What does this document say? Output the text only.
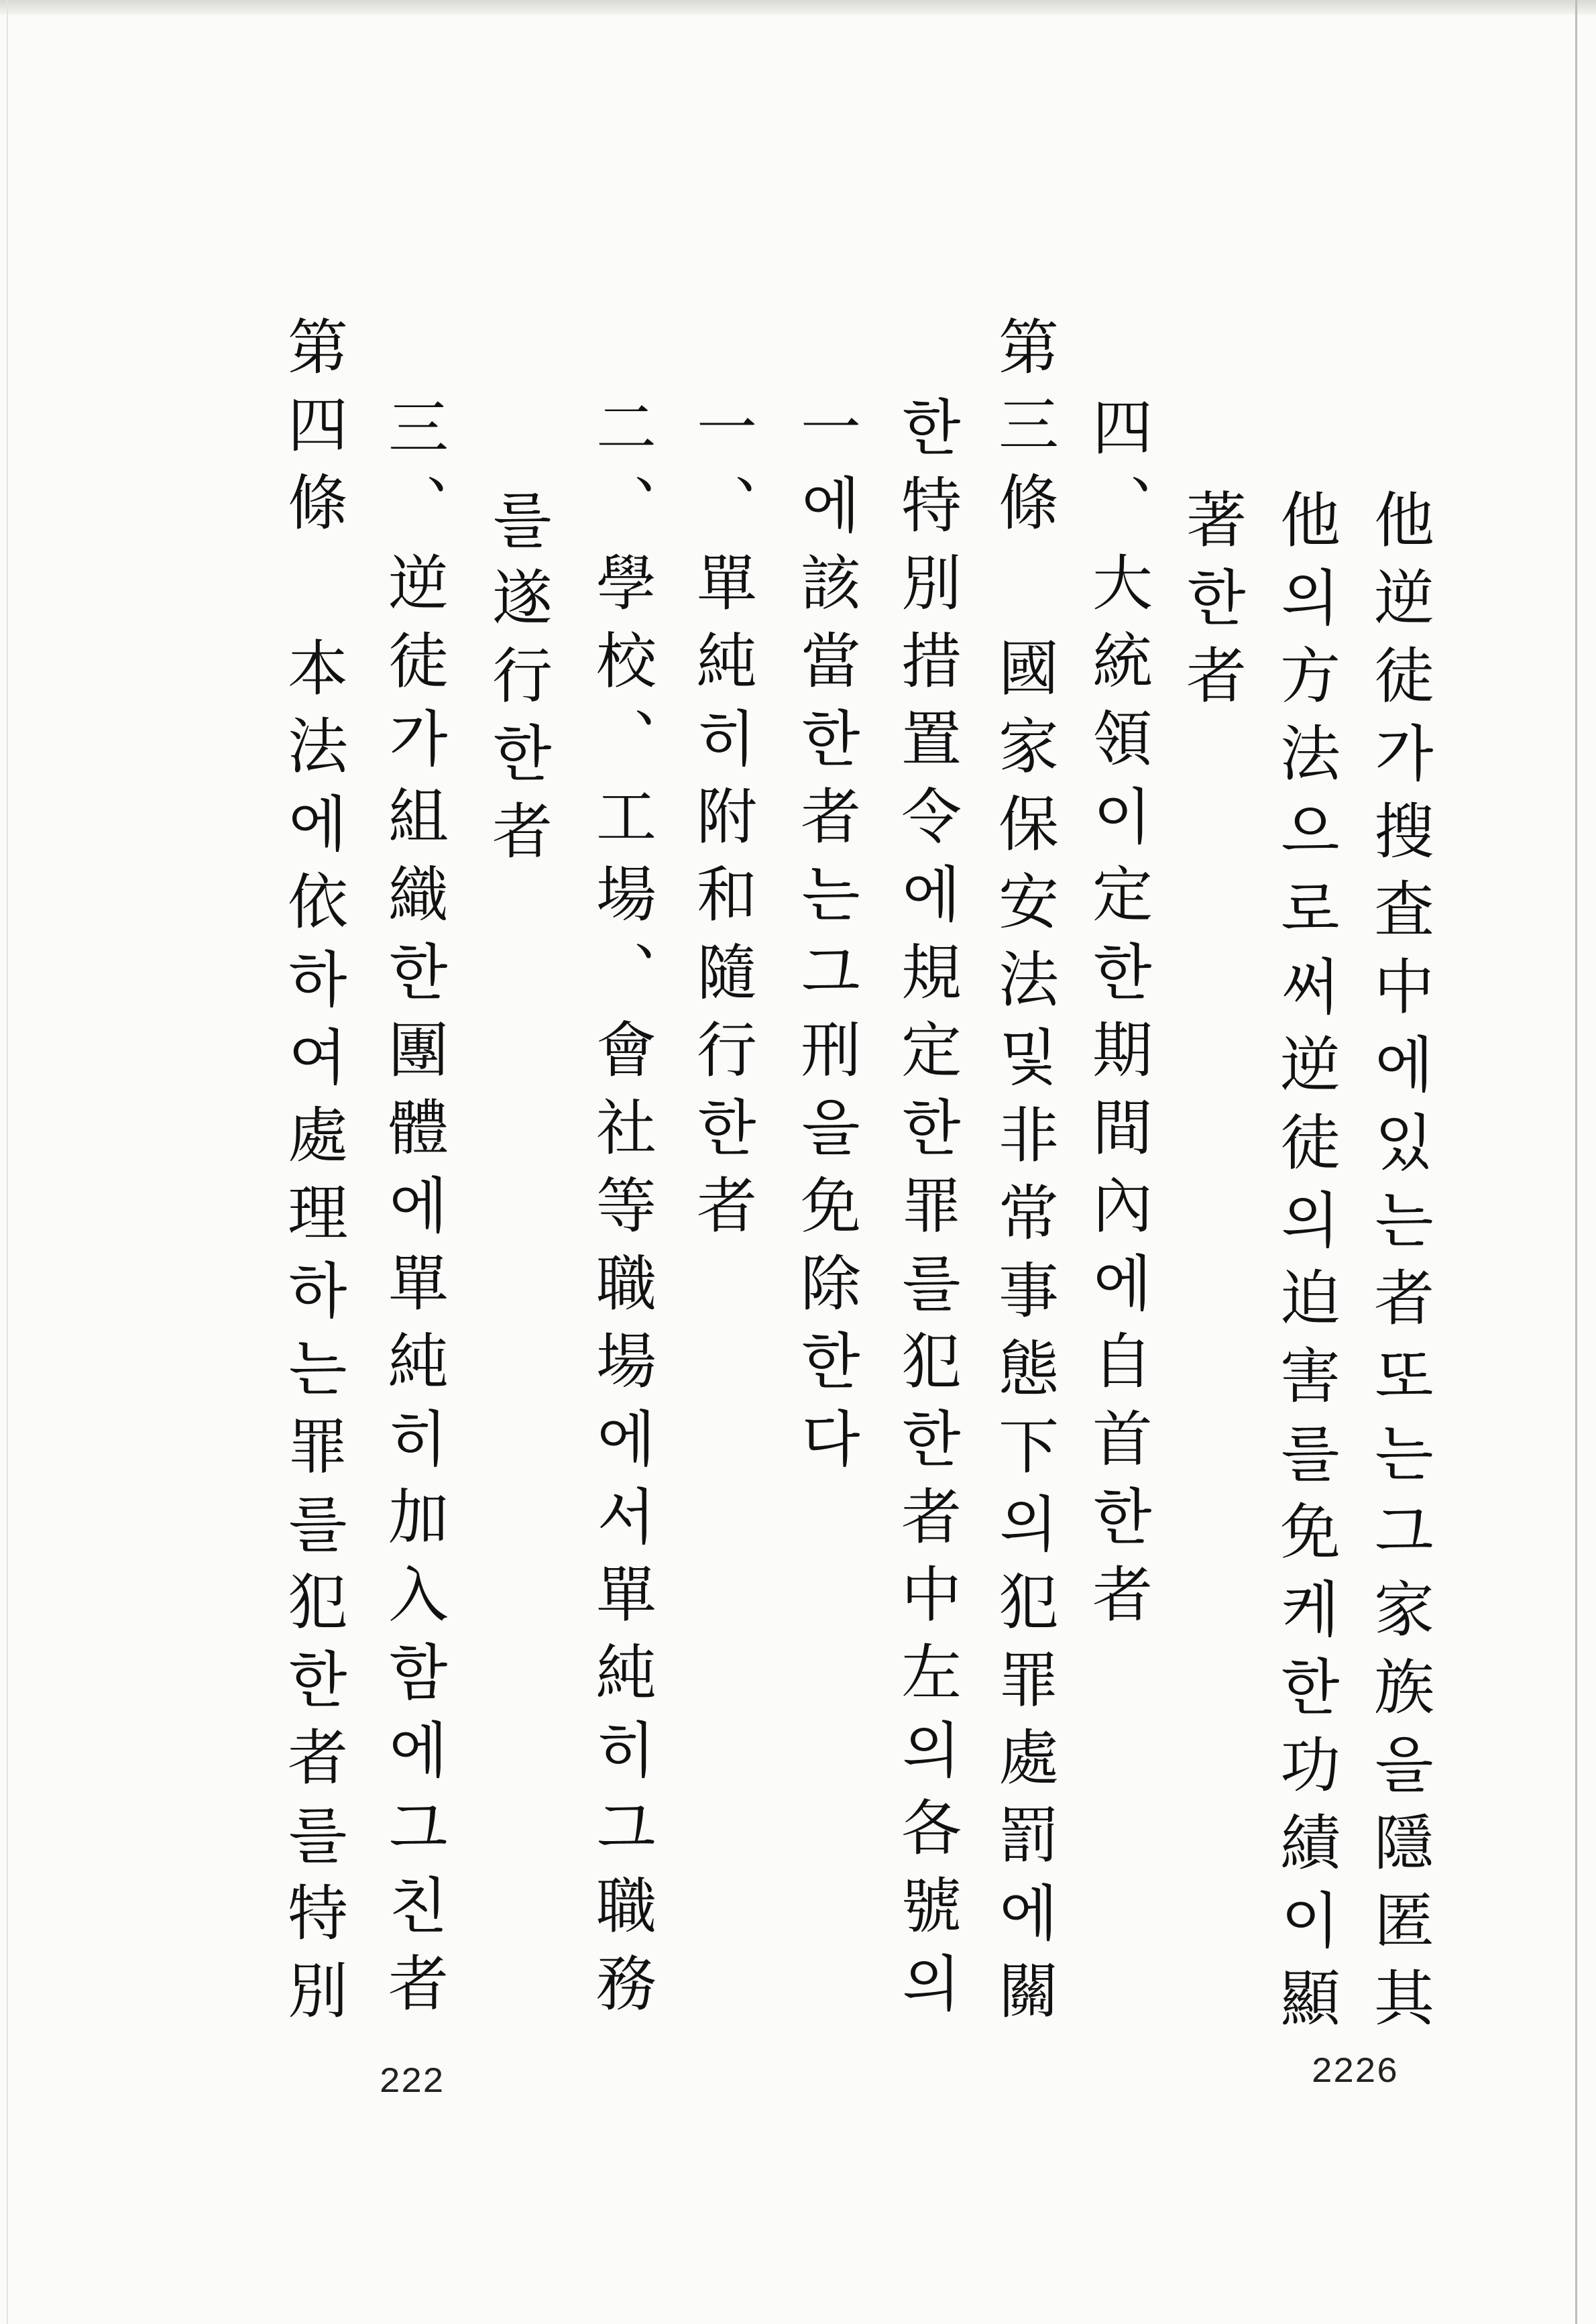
他逆徒가搜査中에있는者또는그家族을隱匿其
他의方法으로써逆徒의迫害를免케한功績이顯
著한者
四、大統領이定한期間內에自首한者
第三條 國家保安法및非常事態下의犯罪處罰에關
한特別措置令에規定한罪를犯한者中左의各號의
一에該當한者는그刑을免除한다
一、單純히附和隨行한者
二、學校、工場、會社等職場에서單純히그職務
를遂行한者
三、逆徒가組織한團體에單純히加入함에그친者
第四條 本法에依하여處理하는罪를犯한者를特別
2226
222
